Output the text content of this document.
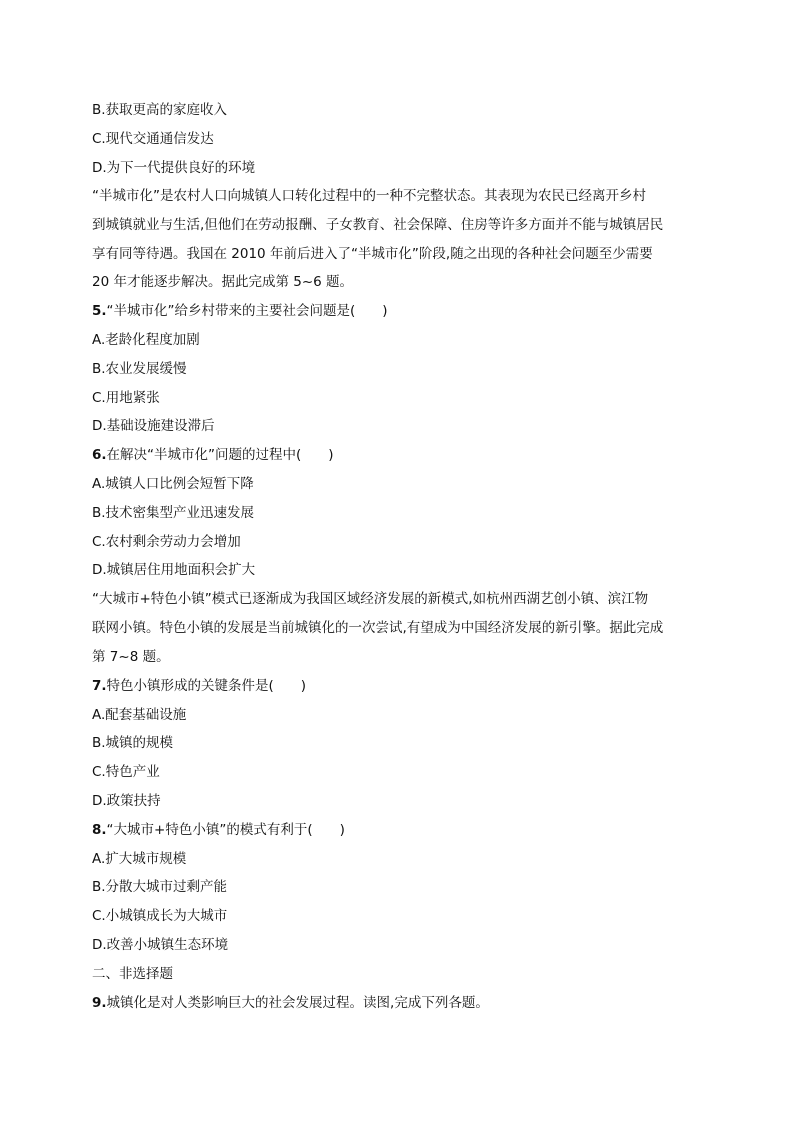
B.获取更高的家庭收入
C.现代交通通信发达
D.为下一代提供良好的环境
“半城市化”是农村人口向城镇人口转化过程中的一种不完整状态。其表现为农民已经离开乡村
到城镇就业与生活,但他们在劳动报酬、子女教育、社会保障、住房等许多方面并不能与城镇居民
享有同等待遇。我国在 2010 年前后进入了“半城市化”阶段,随之出现的各种社会问题至少需要
20 年才能逐步解决。据此完成第 5~6 题。
5.“半城市化”给乡村带来的主要社会问题是(　　)
A.老龄化程度加剧
B.农业发展缓慢
C.用地紧张
D.基础设施建设滞后
6.在解决“半城市化”问题的过程中(　　)
A.城镇人口比例会短暂下降
B.技术密集型产业迅速发展
C.农村剩余劳动力会增加
D.城镇居住用地面积会扩大
“大城市+特色小镇”模式已逐渐成为我国区域经济发展的新模式,如杭州西湖艺创小镇、滨江物
联网小镇。特色小镇的发展是当前城镇化的一次尝试,有望成为中国经济发展的新引擎。据此完成
第 7~8 题。
7.特色小镇形成的关键条件是(　　)
A.配套基础设施
B.城镇的规模
C.特色产业
D.政策扶持
8.“大城市+特色小镇”的模式有利于(　　)
A.扩大城市规模
B.分散大城市过剩产能
C.小城镇成长为大城市
D.改善小城镇生态环境
二、非选择题
9.城镇化是对人类影响巨大的社会发展过程。读图,完成下列各题。
